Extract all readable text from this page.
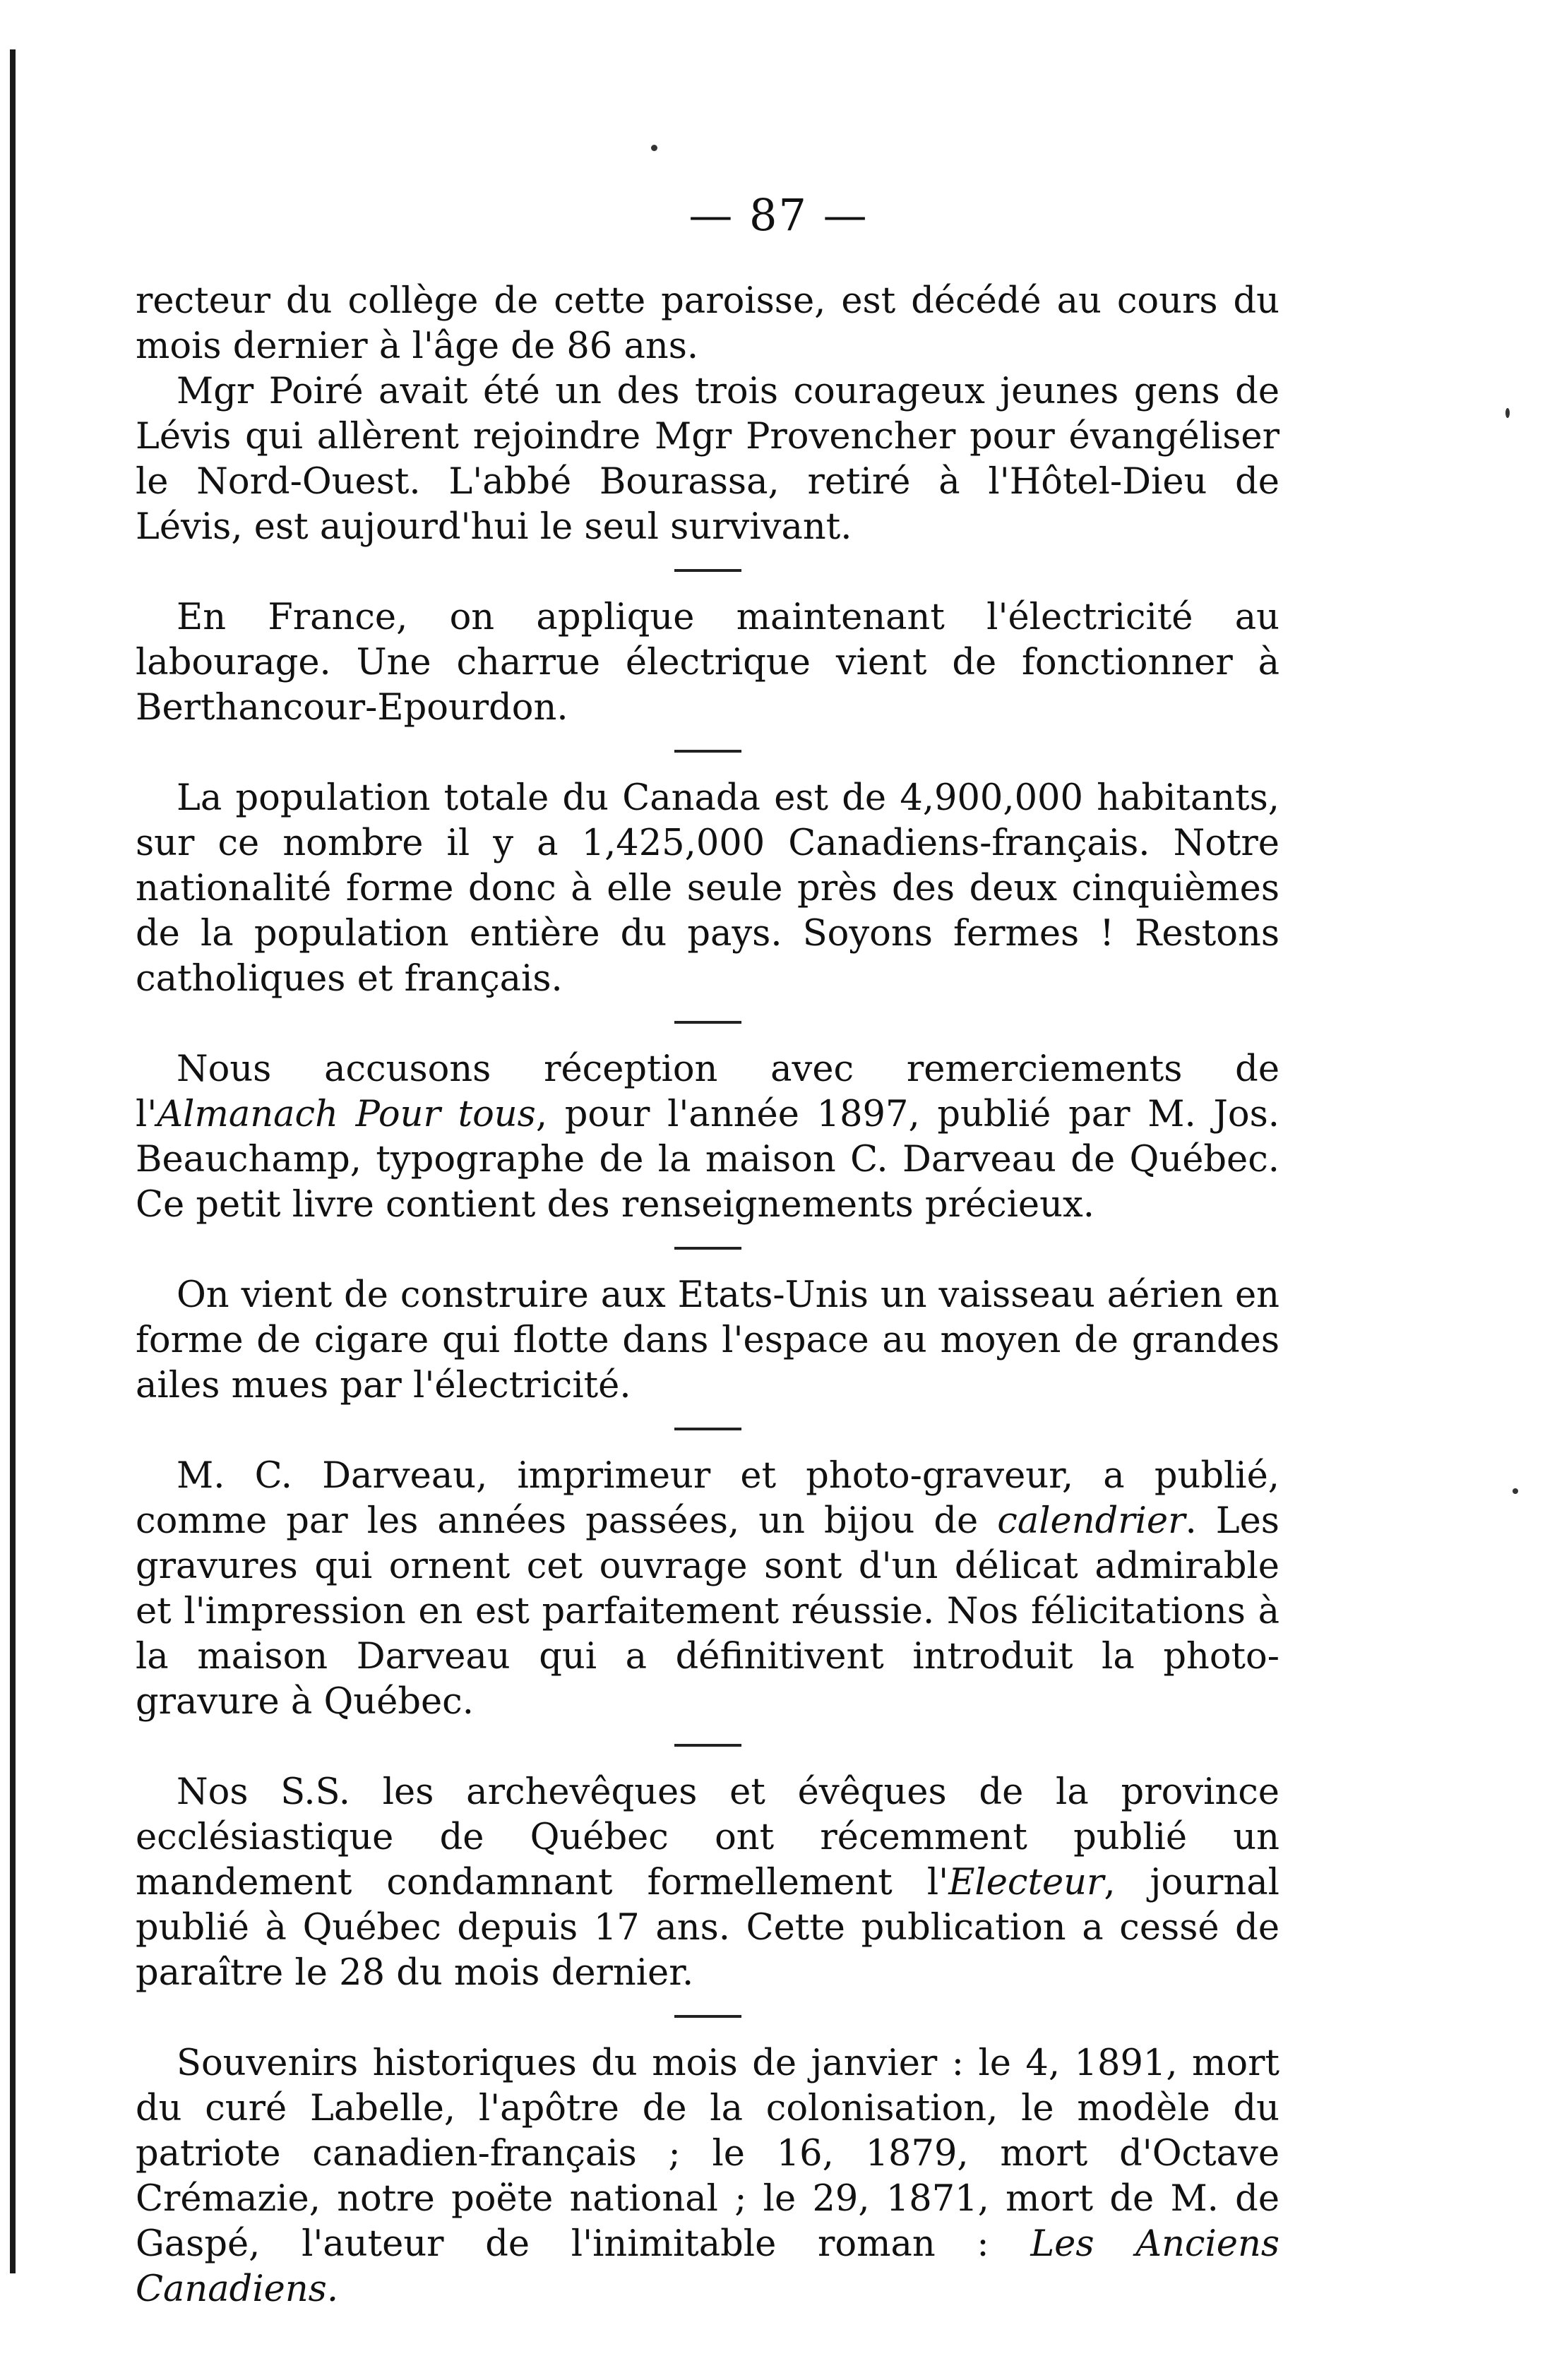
— 87 —

recteur du collège de cette paroisse, est décédé au cours du mois dernier à l'âge de 86 ans.

Mgr Poiré avait été un des trois courageux jeunes gens de Lévis qui allèrent rejoindre Mgr Provencher pour évangéliser le Nord-Ouest. L'abbé Bourassa, retiré à l'Hôtel-Dieu de Lévis, est aujourd'hui le seul survivant.

En France, on applique maintenant l'électricité au labourage. Une charrue électrique vient de fonctionner à Berthancour-Epourdon.

La population totale du Canada est de 4,900,000 habitants, sur ce nombre il y a 1,425,000 Canadiens-français. Notre nationalité forme donc à elle seule près des deux cinquièmes de la population entière du pays. Soyons fermes ! Restons catholiques et français.

Nous accusons réception avec remerciements de l'Almanach Pour tous, pour l'année 1897, publié par M. Jos. Beauchamp, typographe de la maison C. Darveau de Québec. Ce petit livre contient des renseignements précieux.

On vient de construire aux Etats-Unis un vaisseau aérien en forme de cigare qui flotte dans l'espace au moyen de grandes ailes mues par l'électricité.

M. C. Darveau, imprimeur et photo-graveur, a publié, comme par les années passées, un bijou de calendrier. Les gravures qui ornent cet ouvrage sont d'un délicat admirable et l'impression en est parfaitement réussie. Nos félicitations à la maison Darveau qui a définitivent introduit la photo-gravure à Québec.

Nos S.S. les archevêques et évêques de la province ecclésiastique de Québec ont récemment publié un mandement condamnant formellement l'Electeur, journal publié à Québec depuis 17 ans. Cette publication a cessé de paraître le 28 du mois dernier.

Souvenirs historiques du mois de janvier : le 4, 1891, mort du curé Labelle, l'apôtre de la colonisation, le modèle du patriote canadien-français ; le 16, 1879, mort d'Octave Crémazie, notre poëte national ; le 29, 1871, mort de M. de Gaspé, l'auteur de l'inimitable roman : Les Anciens Canadiens.
